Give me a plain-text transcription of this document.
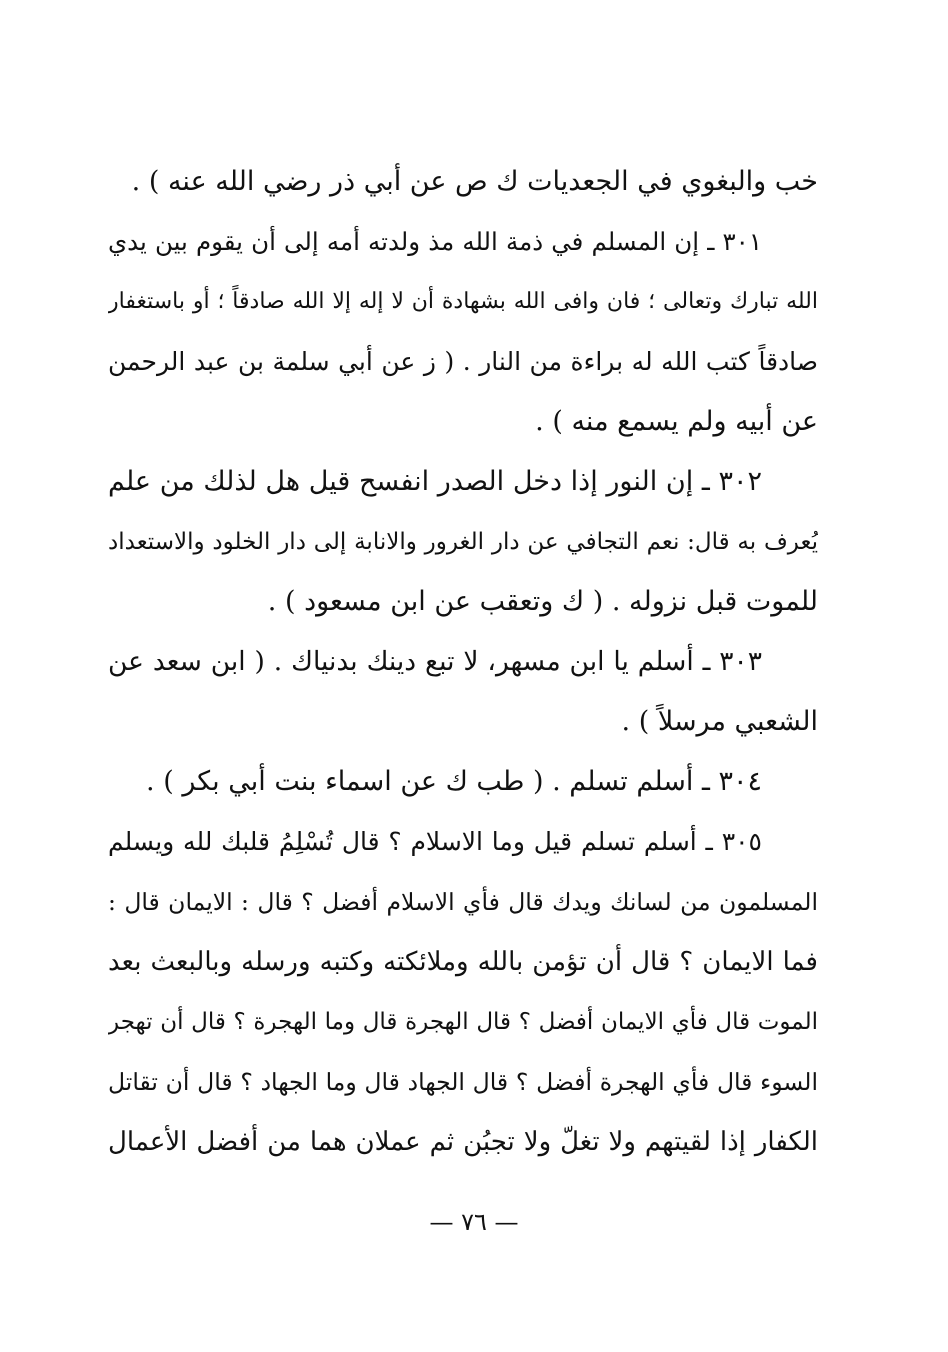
خب والبغوي في الجعديات ك ص عن أبي ذر رضي الله عنه ) .
٣٠١ ـ إن المسلم في ذمة الله مذ ولدته أمه إلى أن يقوم بين يدي
الله تبارك وتعالى ؛ فان وافى الله بشهادة أن لا إله إلا الله صادقاً ؛ أو باستغفار
صادقاً كتب الله له براءة من النار . ( ز عن أبي سلمة بن عبد الرحمن
عن أبيه ولم يسمع منه ) .
٣٠٢ ـ إن النور إذا دخل الصدر انفسح قيل هل لذلك من علم
يُعرف به قال: نعم التجافي عن دار الغرور والانابة إلى دار الخلود والاستعداد
للموت قبل نزوله . ( ك وتعقب عن ابن مسعود ) .
٣٠٣ ـ أسلم يا ابن مسهر، لا تبع دينك بدنياك . ( ابن سعد عن
الشعبي مرسلاً ) .
٣٠٤ ـ أسلم تسلم . ( طب ك عن اسماء بنت أبي بكر ) .
٣٠٥ ـ أسلم تسلم قيل وما الاسلام ؟ قال تُسْلِمُ قلبك لله ويسلم
المسلمون من لسانك ويدك قال فأي الاسلام أفضل ؟ قال : الايمان قال :
فما الايمان ؟ قال أن تؤمن بالله وملائكته وكتبه ورسله وبالبعث بعد
الموت قال فأي الايمان أفضل ؟ قال الهجرة قال وما الهجرة ؟ قال أن تهجر
السوء قال فأي الهجرة أفضل ؟ قال الجهاد قال وما الجهاد ؟ قال أن تقاتل
الكفار إذا لقيتهم ولا تغلّ ولا تجبُن ثم عملان هما من أفضل الأعمال
— ٧٦ —
